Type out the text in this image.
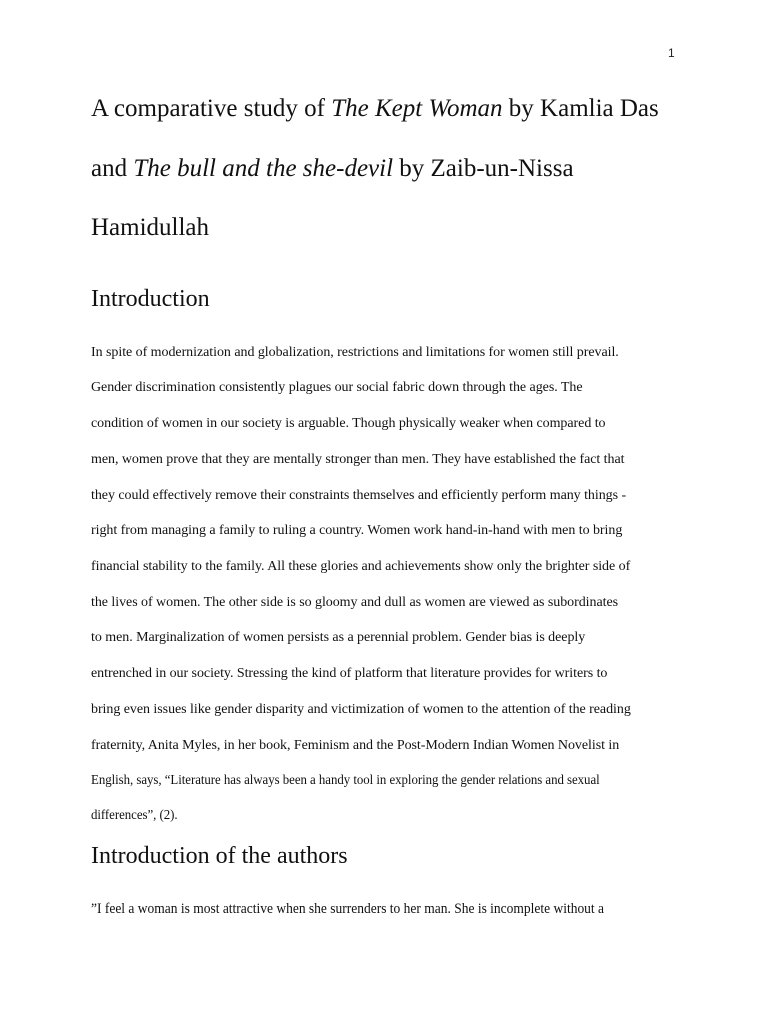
1
A comparative study of The Kept Woman by Kamlia Das
and The bull and the she-devil by Zaib-un-Nissa
Hamidullah
Introduction
In spite of modernization and globalization, restrictions and limitations for women still prevail.
Gender discrimination consistently plagues our social fabric down through the ages. The
condition of women in our society is arguable. Though physically weaker when compared to
men, women prove that they are mentally stronger than men. They have established the fact that
they could effectively remove their constraints themselves and efficiently perform many things -
right from managing a family to ruling a country. Women work hand-in-hand with men to bring
financial stability to the family. All these glories and achievements show only the brighter side of
the lives of women. The other side is so gloomy and dull as women are viewed as subordinates
to men. Marginalization of women persists as a perennial problem. Gender bias is deeply
entrenched in our society. Stressing the kind of platform that literature provides for writers to
bring even issues like gender disparity and victimization of women to the attention of the reading
fraternity, Anita Myles, in her book, Feminism and the Post-Modern Indian Women Novelist in
English, says, “Literature has always been a handy tool in exploring the gender relations and sexual
differences”, (2).
Introduction of the authors
”I feel a woman is most attractive when she surrenders to her man. She is incomplete without a
